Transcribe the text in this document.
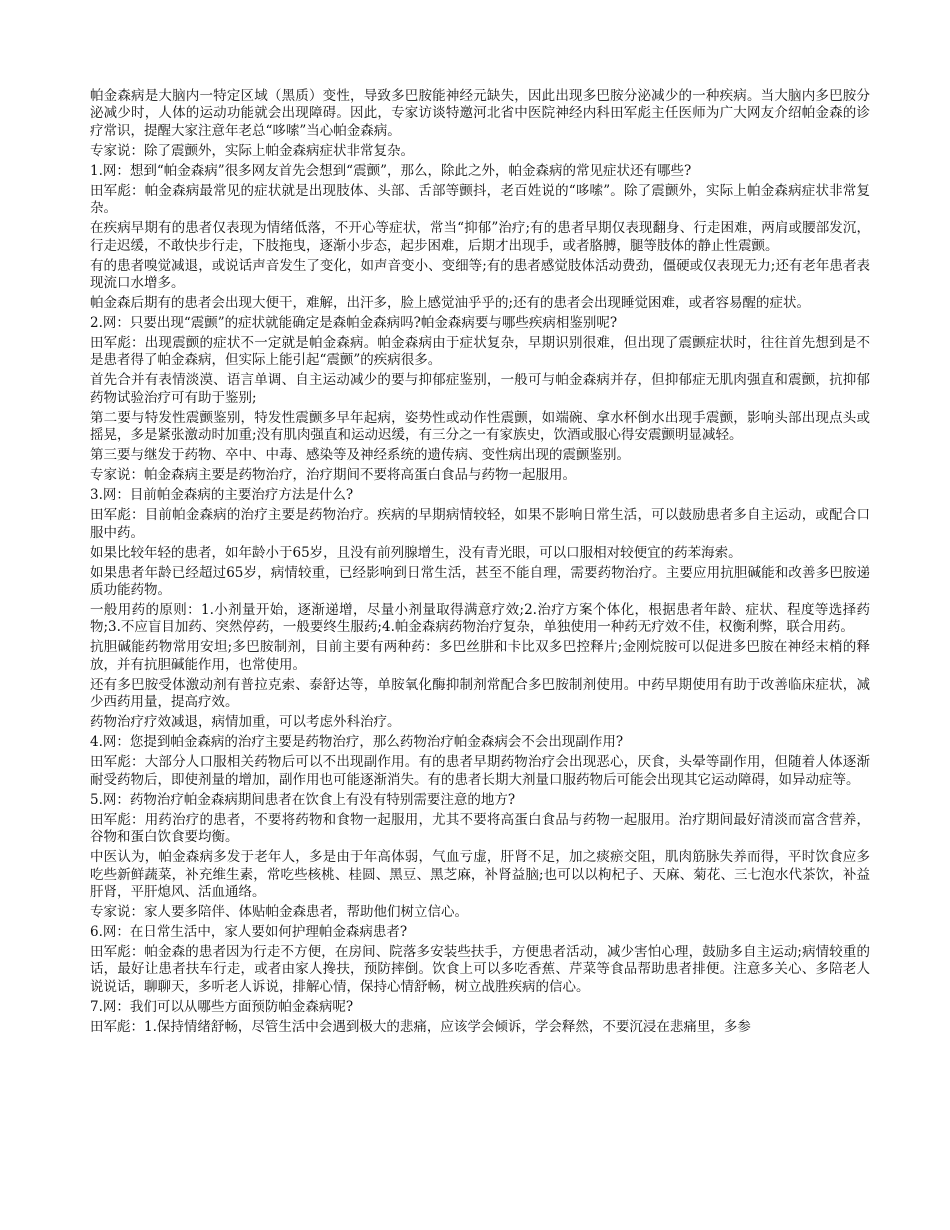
帕金森病是大脑内一特定区域（黑质）变性，导致多巴胺能神经元缺失，因此出现多巴胺分泌减少的一种疾病。当大脑内多巴胺分泌减少时，人体的运动功能就会出现障碍。因此，专家访谈特邀河北省中医院神经内科田军彪主任医师为广大网友介绍帕金森的诊疗常识，提醒大家注意年老总“哆嗦”当心帕金森病。

专家说：除了震颤外，实际上帕金森病症状非常复杂。

1.网：想到“帕金森病”很多网友首先会想到“震颤”，那么，除此之外，帕金森病的常见症状还有哪些?

田军彪：帕金森病最常见的症状就是出现肢体、头部、舌部等颤抖，老百姓说的“哆嗦”。除了震颤外，实际上帕金森病症状非常复杂。

在疾病早期有的患者仅表现为情绪低落，不开心等症状，常当“抑郁”治疗;有的患者早期仅表现翻身、行走困难，两肩或腰部发沉，行走迟缓，不敢快步行走，下肢拖曳，逐渐小步态，起步困难，后期才出现手，或者胳膊，腿等肢体的静止性震颤。

有的患者嗅觉减退，或说话声音发生了变化，如声音变小、变细等;有的患者感觉肢体活动费劲，僵硬或仅表现无力;还有老年患者表现流口水增多。

帕金森后期有的患者会出现大便干，难解，出汗多，脸上感觉油乎乎的;还有的患者会出现睡觉困难，或者容易醒的症状。

2.网：只要出现“震颤”的症状就能确定是森帕金森病吗?帕金森病要与哪些疾病相鉴别呢?

田军彪：出现震颤的症状不一定就是帕金森病。帕金森病由于症状复杂，早期识别很难，但出现了震颤症状时，往往首先想到是不是患者得了帕金森病，但实际上能引起“震颤”的疾病很多。

首先合并有表情淡漠、语言单调、自主运动减少的要与抑郁症鉴别，一般可与帕金森病并存，但抑郁症无肌肉强直和震颤，抗抑郁药物试验治疗可有助于鉴别;

第二要与特发性震颤鉴别，特发性震颤多早年起病，姿势性或动作性震颤，如端碗、拿水杯倒水出现手震颤，影响头部出现点头或摇晃，多是紧张激动时加重;没有肌肉强直和运动迟缓，有三分之一有家族史，饮酒或服心得安震颤明显减轻。

第三要与继发于药物、卒中、中毒、感染等及神经系统的遗传病、变性病出现的震颤鉴别。

专家说：帕金森病主要是药物治疗，治疗期间不要将高蛋白食品与药物一起服用。

3.网：目前帕金森病的主要治疗方法是什么?

田军彪：目前帕金森病的治疗主要是药物治疗。疾病的早期病情较轻，如果不影响日常生活，可以鼓励患者多自主运动，或配合口服中药。

如果比较年轻的患者，如年龄小于65岁，且没有前列腺增生，没有青光眼，可以口服相对较便宜的药苯海索。

如果患者年龄已经超过65岁，病情较重，已经影响到日常生活，甚至不能自理，需要药物治疗。主要应用抗胆碱能和改善多巴胺递质功能药物。

一般用药的原则：1.小剂量开始，逐渐递增，尽量小剂量取得满意疗效;2.治疗方案个体化，根据患者年龄、症状、程度等选择药物;3.不应盲目加药、突然停药，一般要终生服药;4.帕金森病药物治疗复杂，单独使用一种药无疗效不佳，权衡利弊，联合用药。

抗胆碱能药物常用安坦;多巴胺制剂，目前主要有两种药：多巴丝肼和卡比双多巴控释片;金刚烷胺可以促进多巴胺在神经末梢的释放，并有抗胆碱能作用，也常使用。

还有多巴胺受体激动剂有普拉克索、泰舒达等，单胺氧化酶抑制剂常配合多巴胺制剂使用。中药早期使用有助于改善临床症状，减少西药用量，提高疗效。

药物治疗疗效减退，病情加重，可以考虑外科治疗。

4.网：您提到帕金森病的治疗主要是药物治疗，那么药物治疗帕金森病会不会出现副作用?

田军彪：大部分人口服相关药物后可以不出现副作用。有的患者早期药物治疗会出现恶心，厌食，头晕等副作用，但随着人体逐渐耐受药物后，即使剂量的增加，副作用也可能逐渐消失。有的患者长期大剂量口服药物后可能会出现其它运动障碍，如异动症等。

5.网：药物治疗帕金森病期间患者在饮食上有没有特别需要注意的地方?

田军彪：用药治疗的患者，不要将药物和食物一起服用，尤其不要将高蛋白食品与药物一起服用。治疗期间最好清淡而富含营养，谷物和蛋白饮食要均衡。

中医认为，帕金森病多发于老年人，多是由于年高体弱，气血亏虚，肝肾不足，加之痰瘀交阻，肌肉筋脉失养而得，平时饮食应多吃些新鲜蔬菜，补充维生素，常吃些核桃、桂圆、黑豆、黑芝麻，补肾益脑;也可以以枸杞子、天麻、菊花、三七泡水代茶饮，补益肝肾，平肝熄风、活血通络。

专家说：家人要多陪伴、体贴帕金森患者，帮助他们树立信心。

6.网：在日常生活中，家人要如何护理帕金森病患者?

田军彪：帕金森的患者因为行走不方便，在房间、院落多安装些扶手，方便患者活动，减少害怕心理，鼓励多自主运动;病情较重的话，最好让患者扶车行走，或者由家人搀扶，预防摔倒。饮食上可以多吃香蕉、芹菜等食品帮助患者排便。注意多关心、多陪老人说说话，聊聊天，多听老人诉说，排解心情，保持心情舒畅，树立战胜疾病的信心。

7.网：我们可以从哪些方面预防帕金森病呢?

田军彪：1.保持情绪舒畅，尽管生活中会遇到极大的悲痛，应该学会倾诉，学会释然，不要沉浸在悲痛里，多参
